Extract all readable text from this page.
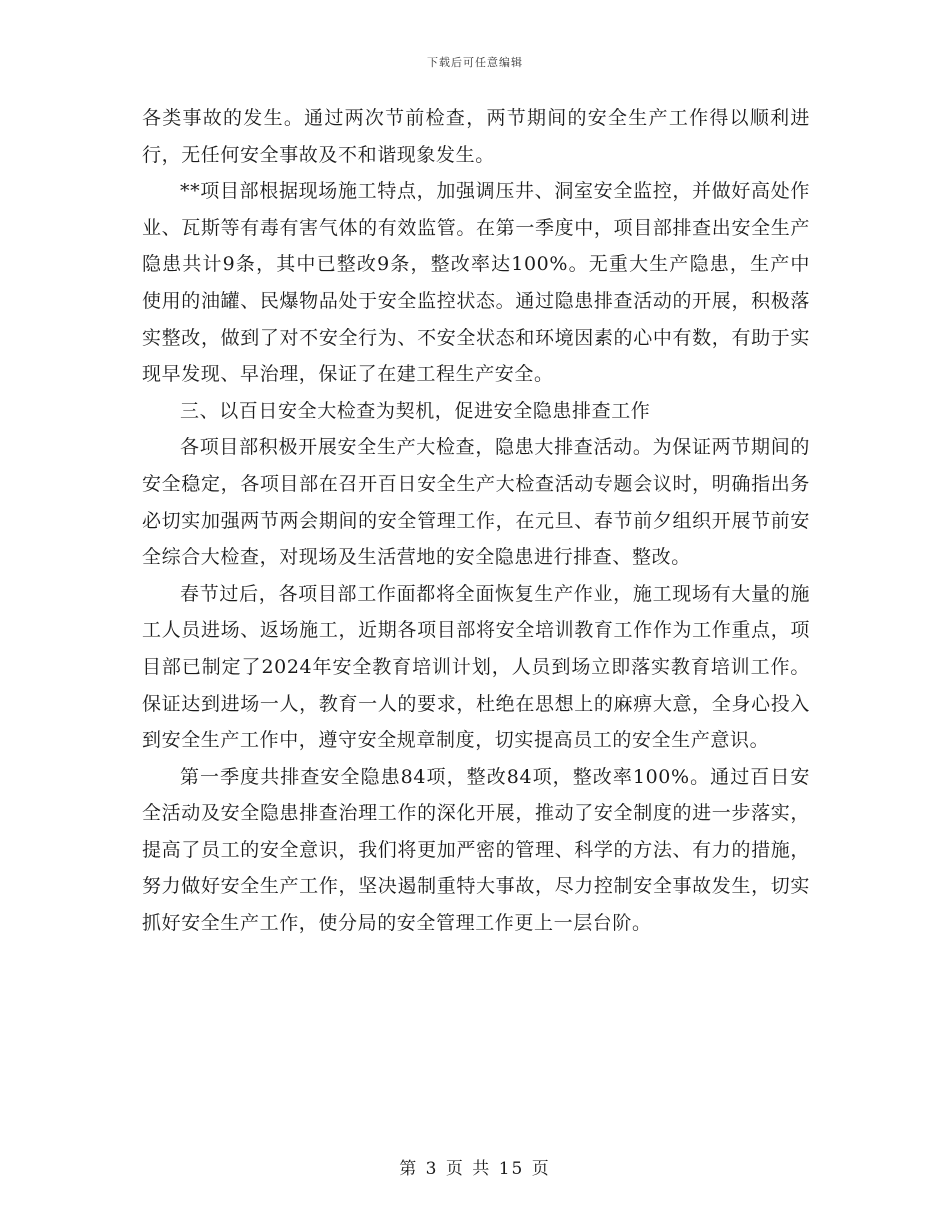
下载后可任意编辑

各类事故的发生。通过两次节前检查，两节期间的安全生产工作得以顺利进行，无任何安全事故及不和谐现象发生。

**项目部根据现场施工特点，加强调压井、洞室安全监控，并做好高处作业、瓦斯等有毒有害气体的有效监管。在第一季度中，项目部排查出安全生产隐患共计9条，其中已整改9条，整改率达100%。无重大生产隐患，生产中使用的油罐、民爆物品处于安全监控状态。通过隐患排查活动的开展，积极落实整改，做到了对不安全行为、不安全状态和环境因素的心中有数，有助于实现早发现、早治理，保证了在建工程生产安全。

三、以百日安全大检查为契机，促进安全隐患排查工作

各项目部积极开展安全生产大检查，隐患大排查活动。为保证两节期间的安全稳定，各项目部在召开百日安全生产大检查活动专题会议时，明确指出务必切实加强两节两会期间的安全管理工作，在元旦、春节前夕组织开展节前安全综合大检查，对现场及生活营地的安全隐患进行排查、整改。

春节过后，各项目部工作面都将全面恢复生产作业，施工现场有大量的施工人员进场、返场施工，近期各项目部将安全培训教育工作作为工作重点，项目部已制定了2024年安全教育培训计划，人员到场立即落实教育培训工作。保证达到进场一人，教育一人的要求，杜绝在思想上的麻痹大意，全身心投入到安全生产工作中，遵守安全规章制度，切实提高员工的安全生产意识。

第一季度共排查安全隐患84项，整改84项，整改率100%。通过百日安全活动及安全隐患排查治理工作的深化开展，推动了安全制度的进一步落实，提高了员工的安全意识，我们将更加严密的管理、科学的方法、有力的措施，努力做好安全生产工作，坚决遏制重特大事故，尽力控制安全事故发生，切实抓好安全生产工作，使分局的安全管理工作更上一层台阶。

第 3 页 共 15 页
